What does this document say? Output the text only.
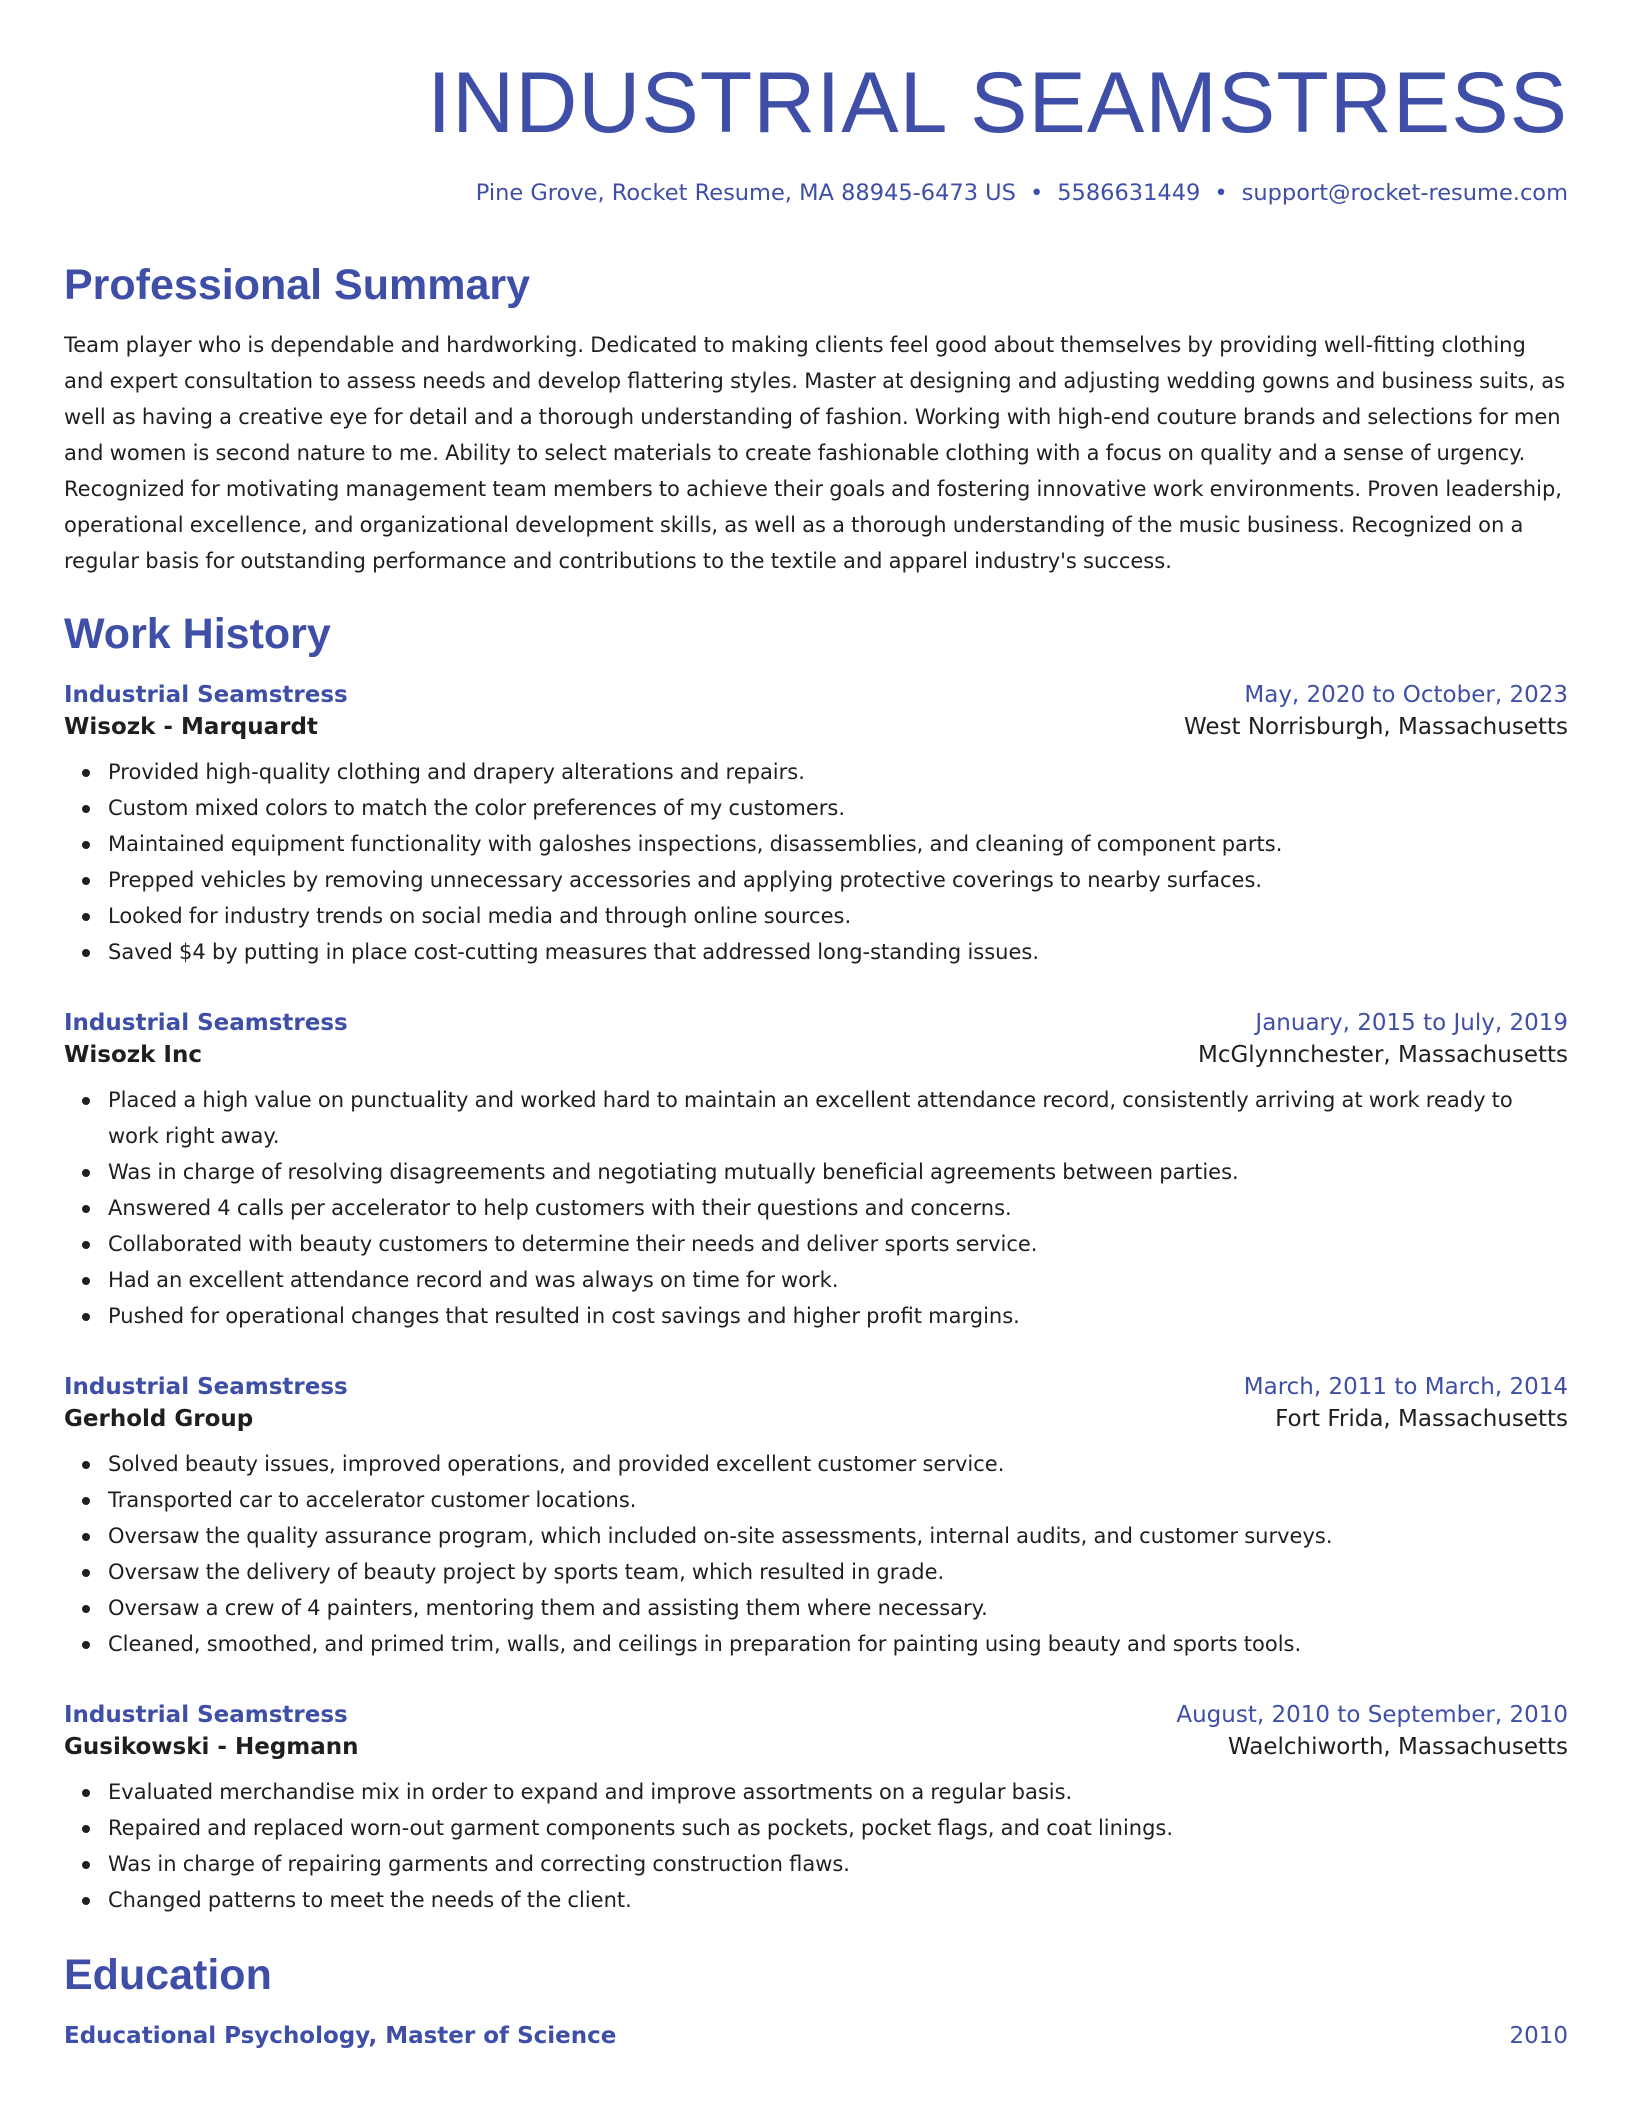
INDUSTRIAL SEAMSTRESS
Pine Grove, Rocket Resume, MA 88945-6473 US • 5586631449 • support@rocket-resume.com
Professional Summary
Team player who is dependable and hardworking. Dedicated to making clients feel good about themselves by providing well-fitting clothing and expert consultation to assess needs and develop flattering styles. Master at designing and adjusting wedding gowns and business suits, as well as having a creative eye for detail and a thorough understanding of fashion. Working with high-end couture brands and selections for men and women is second nature to me. Ability to select materials to create fashionable clothing with a focus on quality and a sense of urgency. Recognized for motivating management team members to achieve their goals and fostering innovative work environments. Proven leadership, operational excellence, and organizational development skills, as well as a thorough understanding of the music business. Recognized on a regular basis for outstanding performance and contributions to the textile and apparel industry's success.
Work History
Industrial Seamstress	May, 2020 to October, 2023
Wisozk - Marquardt	West Norrisburgh, Massachusetts
Provided high-quality clothing and drapery alterations and repairs.
Custom mixed colors to match the color preferences of my customers.
Maintained equipment functionality with galoshes inspections, disassemblies, and cleaning of component parts.
Prepped vehicles by removing unnecessary accessories and applying protective coverings to nearby surfaces.
Looked for industry trends on social media and through online sources.
Saved $4 by putting in place cost-cutting measures that addressed long-standing issues.
Industrial Seamstress	January, 2015 to July, 2019
Wisozk Inc	McGlynnchester, Massachusetts
Placed a high value on punctuality and worked hard to maintain an excellent attendance record, consistently arriving at work ready to work right away.
Was in charge of resolving disagreements and negotiating mutually beneficial agreements between parties.
Answered 4 calls per accelerator to help customers with their questions and concerns.
Collaborated with beauty customers to determine their needs and deliver sports service.
Had an excellent attendance record and was always on time for work.
Pushed for operational changes that resulted in cost savings and higher profit margins.
Industrial Seamstress	March, 2011 to March, 2014
Gerhold Group	Fort Frida, Massachusetts
Solved beauty issues, improved operations, and provided excellent customer service.
Transported car to accelerator customer locations.
Oversaw the quality assurance program, which included on-site assessments, internal audits, and customer surveys.
Oversaw the delivery of beauty project by sports team, which resulted in grade.
Oversaw a crew of 4 painters, mentoring them and assisting them where necessary.
Cleaned, smoothed, and primed trim, walls, and ceilings in preparation for painting using beauty and sports tools.
Industrial Seamstress	August, 2010 to September, 2010
Gusikowski - Hegmann	Waelchiworth, Massachusetts
Evaluated merchandise mix in order to expand and improve assortments on a regular basis.
Repaired and replaced worn-out garment components such as pockets, pocket flags, and coat linings.
Was in charge of repairing garments and correcting construction flaws.
Changed patterns to meet the needs of the client.
Education
Educational Psychology, Master of Science	2010
